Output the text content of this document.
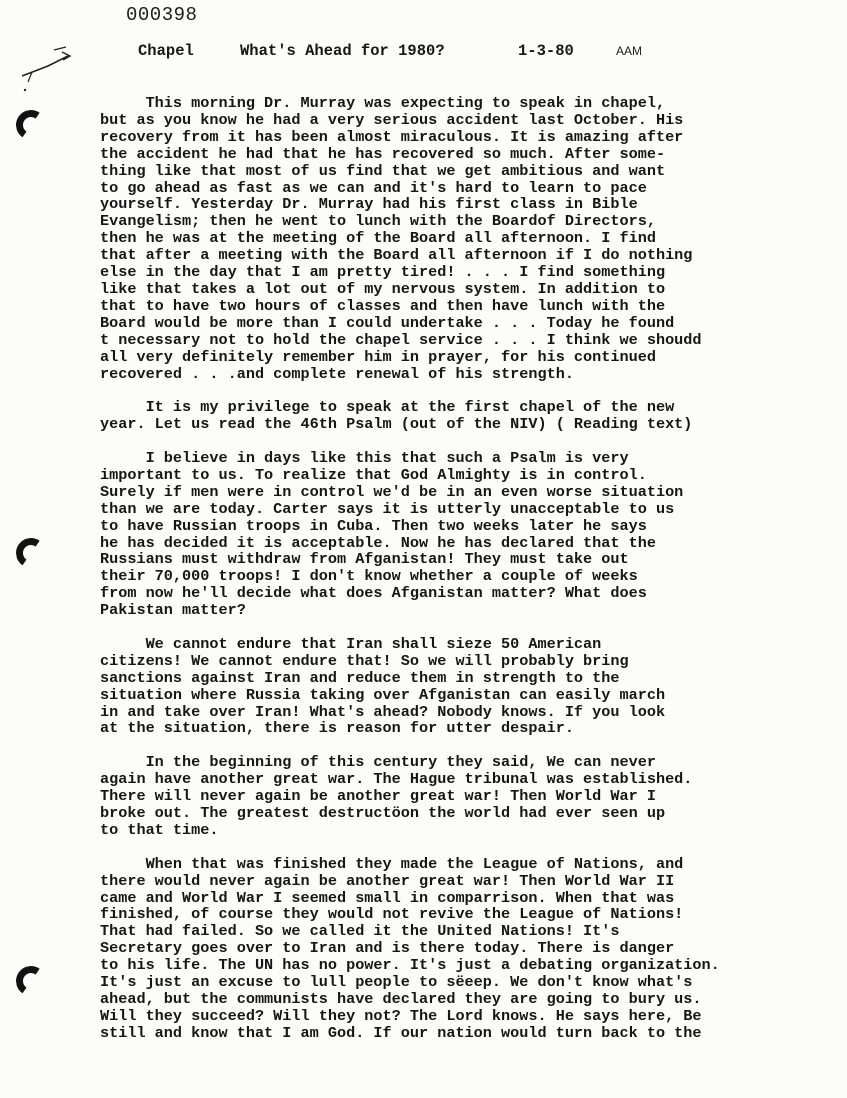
000398
Chapel	What's Ahead for 1980?	1-3-80	AAM
This morning Dr. Murray was expecting to speak in chapel,
but as you know he had a very serious accident last October. His
recovery from it has been almost miraculous. It is amazing after
the accident he had that he has recovered so much. After some-
thing like that most of us find that we get ambitious and want
to go ahead as fast as we can and it's hard to learn to pace
yourself. Yesterday Dr. Murray had his first class in Bible
Evangelism; then he went to lunch with the Boardof Directors,
then he was at the meeting of the Board all afternoon. I find
that after a meeting with the Board all afternoon if I do nothing
else in the day that I am pretty tired! . . . I find something
like that takes a lot out of my nervous system. In addition to
that to have two hours of classes and then have lunch with the
Board would be more than I could undertake . . . Today he found
t necessary not to hold the chapel service . . . I think we shoudd
all very definitely remember him in prayer, for his continued
recovered . . .and complete renewal of his strength.
It is my privilege to speak at the first chapel of the new
year. Let us read the 46th Psalm (out of the NIV) ( Reading text)
I believe in days like this that such a Psalm is very
important to us. To realize that God Almighty is in control.
Surely if men were in control we'd be in an even worse situation
than we are today. Carter says it is utterly unacceptable to us
to have Russian troops in Cuba. Then two weeks later he says
he has decided it is acceptable. Now he has declared that the
Russians must withdraw from Afganistan! They must take out
their 70,000 troops! I don't know whether a couple of weeks
from now he'll decide what does Afganistan matter? What does
Pakistan matter?
We cannot endure that Iran shall sieze 50 American
citizens! We cannot endure that! So we will probably bring
sanctions against Iran and reduce them in strength to the
situation where Russia taking over Afganistan can easily march
in and take over Iran! What's ahead? Nobody knows. If you look
at the situation, there is reason for utter despair.
In the beginning of this century they said, We can never
again have another great war. The Hague tribunal was established.
There will never again be another great war! Then World War I
broke out. The greatest destructöon the world had ever seen up
to that time.
When that was finished they made the League of Nations, and
there would never again be another great war! Then World War II
came and World War I seemed small in comparrison. When that was
finished, of course they would not revive the League of Nations!
That had failed. So we called it the United Nations! It's
Secretary goes over to Iran and is there today. There is danger
to his life. The UN has no power. It's just a debating organization.
It's just an excuse to lull people to sëeep. We don't know what's
ahead, but the communists have declared they are going to bury us.
Will they succeed? Will they not? The Lord knows. He says here, Be
still and know that I am God. If our nation would turn back to the
